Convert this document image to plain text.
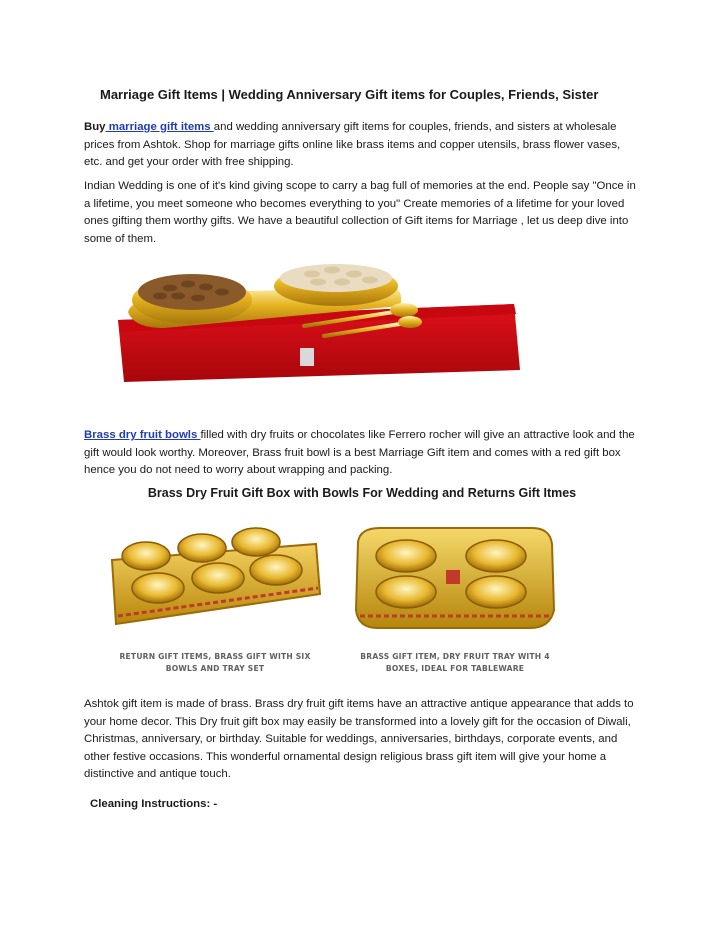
Marriage Gift Items | Wedding Anniversary Gift items for Couples, Friends, Sister
Buy marriage gift items and wedding anniversary gift items for couples, friends, and sisters at wholesale prices from Ashtok. Shop for marriage gifts online like brass items and copper utensils, brass flower vases, etc. and get your order with free shipping.
Indian Wedding is one of it's kind giving scope to carry a bag full of memories at the end. People say "Once in a lifetime, you meet someone who becomes everything to you" Create memories of a lifetime for your loved ones gifting them worthy gifts. We have a beautiful collection of Gift items for Marriage , let us deep dive into some of them.
Brass dry fruit bowls filled with dry fruits or chocolates like Ferrero rocher will give an attractive look and the gift would look worthy. Moreover, Brass fruit bowl is a best Marriage Gift item and comes with a red gift box hence you do not need to worry about wrapping and packing.
Brass Dry Fruit Gift Box with Bowls For Wedding and Returns Gift Itmes
RETURN GIFT ITEMS, BRASS GIFT WITH SIX
BOWLS AND TRAY SET
BRASS GIFT ITEM, DRY FRUIT TRAY WITH 4
BOXES, IDEAL FOR TABLEWARE
Ashtok gift item is made of brass. Brass dry fruit gift items have an attractive antique appearance that adds to your home decor. This Dry fruit gift box may easily be transformed into a lovely gift for the occasion of Diwali, Christmas, anniversary, or birthday. Suitable for weddings, anniversaries, birthdays, corporate events, and other festive occasions. This wonderful ornamental design religious brass gift item will give your home a distinctive and antique touch.
Cleaning Instructions: -
